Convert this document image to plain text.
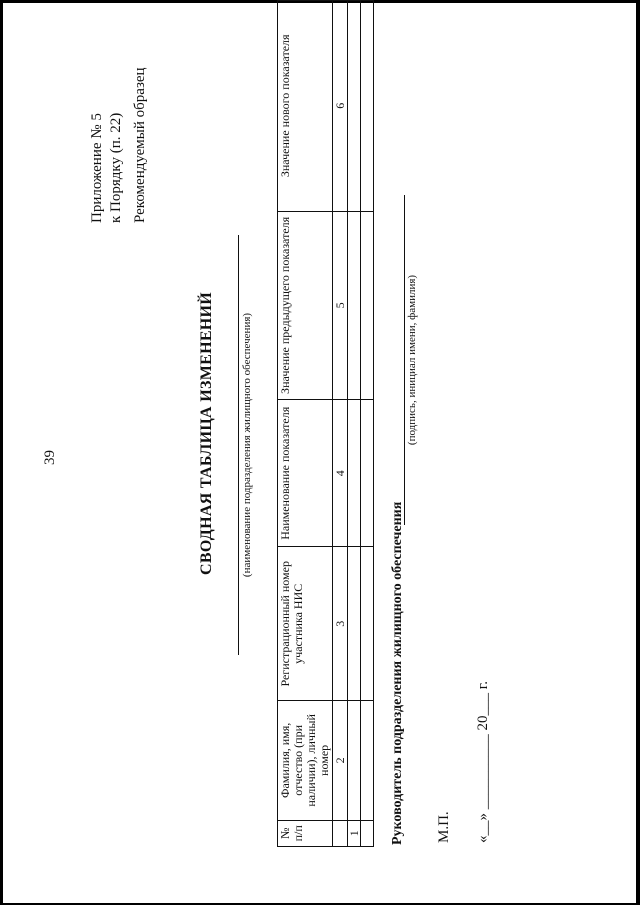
39
Приложение № 5 к Порядку (п. 22) Рекомендуемый образец
СВОДНАЯ ТАБЛИЦА ИЗМЕНЕНИЙ (наименование подразделения жилищного обеспечения)
№ п/п	Фамилия, имя, отчество (при наличии), личный номер	Регистрационный номер участника НИС	Наименование показателя	Значение предыдущего показателя	Значение нового показателя
	2	3	4	5	6
1					
					Руководитель подразделения жилищного обеспечения
(подпись, инициал имени, фамилия)
М.П. «__» __________ 20___ г.
